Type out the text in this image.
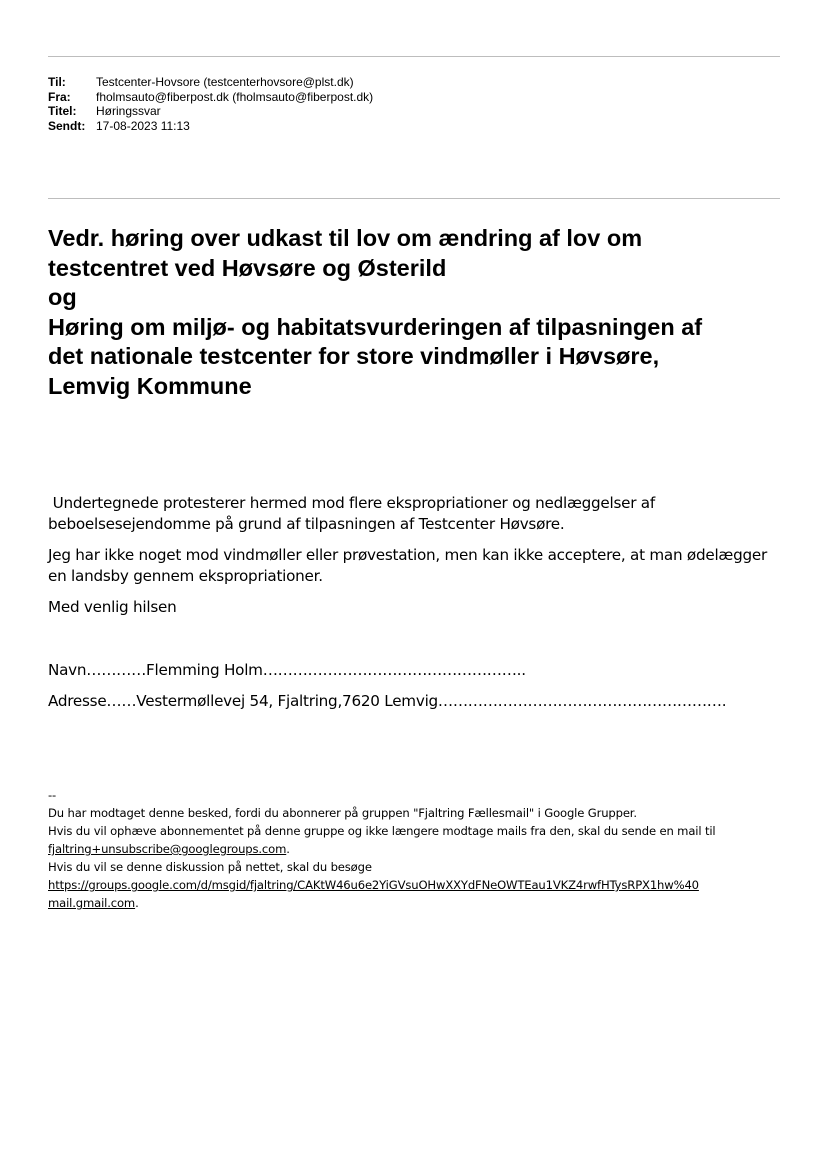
Til:	Testcenter-Hovsore (testcenterhovsore@plst.dk)
Fra:	fholmsauto@fiberpost.dk (fholmsauto@fiberpost.dk)
Titel:	Høringssvar
Sendt: 17-08-2023 11:13
Vedr. høring over udkast til lov om ændring af lov om
testcentret ved Høvsøre og Østerild
og
Høring om miljø- og habitatsvurderingen af tilpasningen af
det nationale testcenter for store vindmøller i Høvsøre,
Lemvig Kommune
Undertegnede protesterer hermed mod flere ekspropriationer og nedlæggelser af beboelsesejendomme på grund af tilpasningen af Testcenter Høvsøre.
Jeg har ikke noget mod vindmøller eller prøvestation, men kan ikke acceptere, at man ødelægger en landsby gennem ekspropriationer.
Med venlig hilsen
Navn…………Flemming Holm……………………………………………..
Adresse……Vestermøllevej 54, Fjaltring,7620 Lemvig………………………………………………….
--
Du har modtaget denne besked, fordi du abonnerer på gruppen "Fjaltring Fællesmail" i Google Grupper.
Hvis du vil ophæve abonnementet på denne gruppe og ikke længere modtage mails fra den, skal du sende en mail til
fjaltring+unsubscribe@googlegroups.com.
Hvis du vil se denne diskussion på nettet, skal du besøge
https://groups.google.com/d/msgid/fjaltring/CAKtW46u6e2YiGVsuOHwXXYdFNeOWTEau1VKZ4rwfHTysRPX1hw%40
mail.gmail.com.
